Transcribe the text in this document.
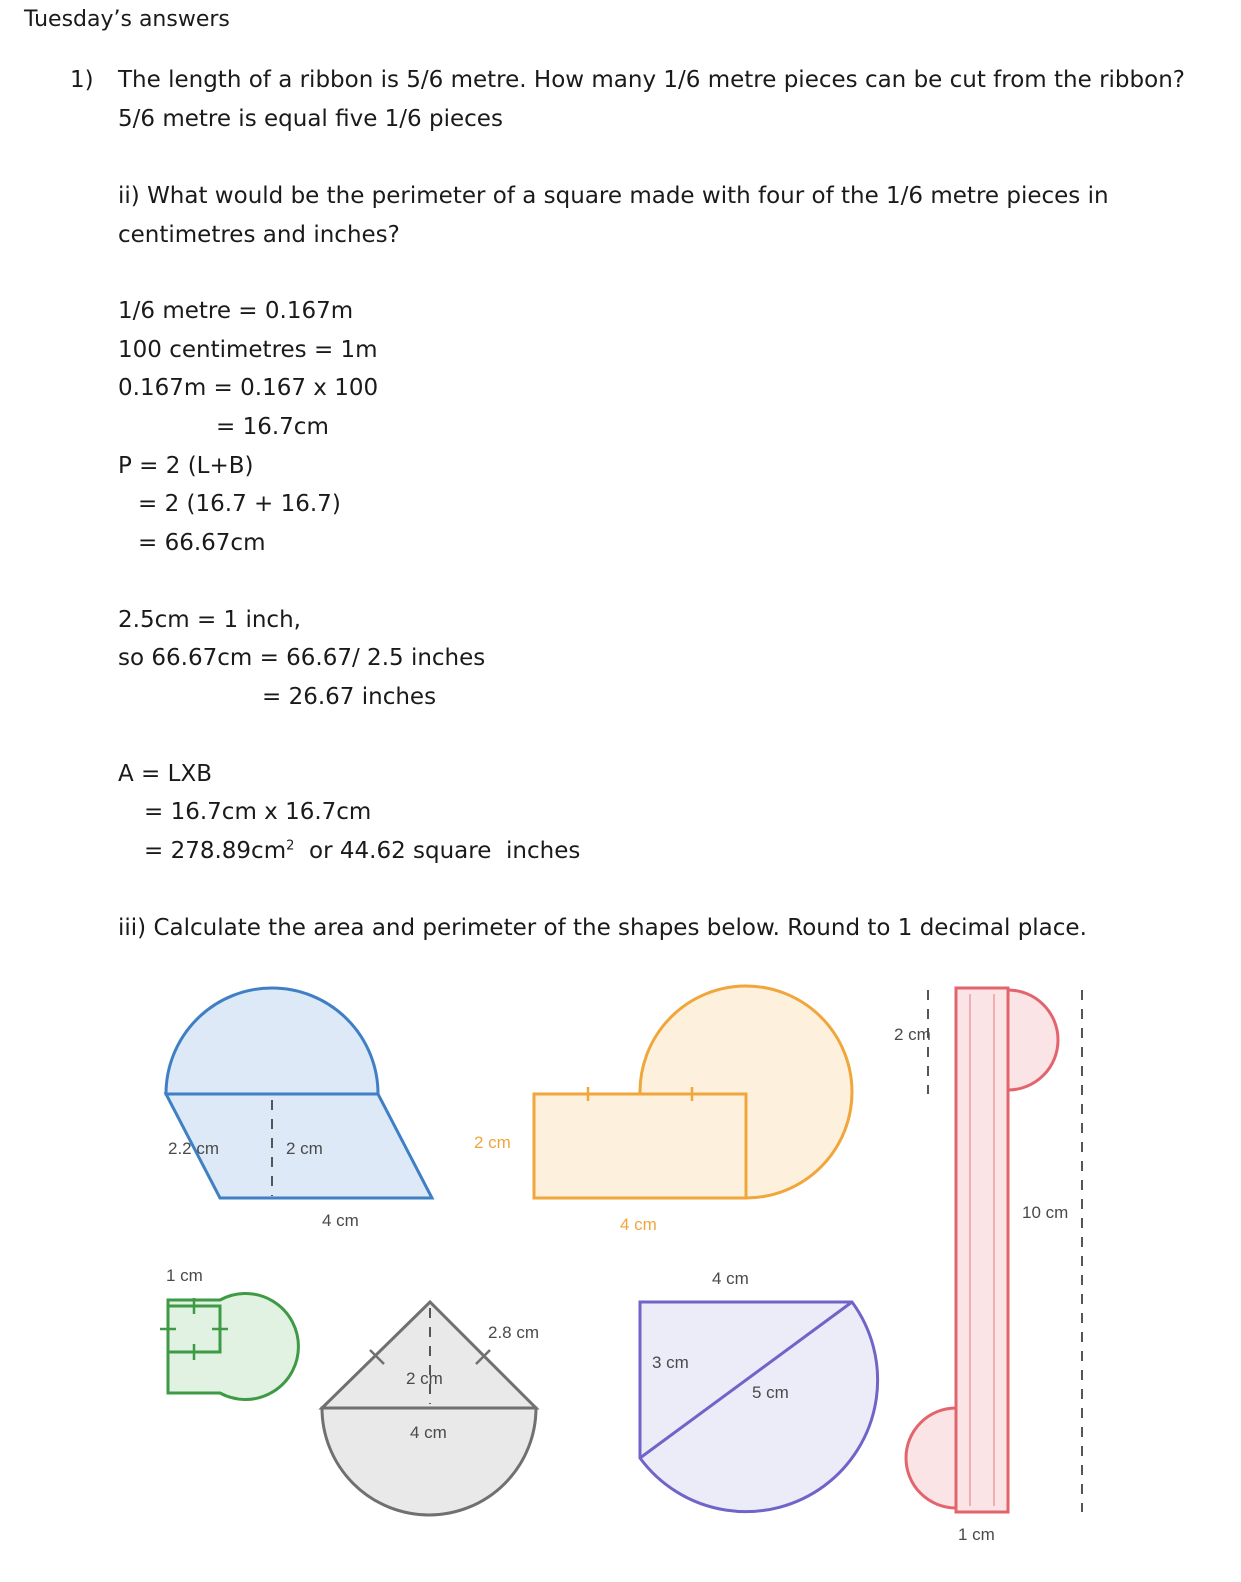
Tuesday’s answers
1) The length of a ribbon is 5/6 metre. How many 1/6 metre pieces can be cut from the ribbon?
5/6 metre is equal five 1/6 pieces
ii) What would be the perimeter of a square made with four of the 1/6 metre pieces in
centimetres and inches?
1/6 metre = 0.167m
100 centimetres = 1m
0.167m = 0.167 x 100
= 16.7cm
P = 2 (L+B)
= 2 (16.7 + 16.7)
= 66.67cm
2.5cm = 1 inch,
so 66.67cm = 66.67/ 2.5 inches
= 26.67 inches
A = LXB
= 16.7cm x 16.7cm
= $278.89cm^2$  or 44.62 square  inches
iii) Calculate the area and perimeter of the shapes below. Round to 1 decimal place.
2.2 cm	2 cm
4 cm
2 cm
4 cm
1 cm
2.8 cm
2 cm
4 cm
4 cm
3 cm
5 cm
2 cm
10 cm
1 cm
